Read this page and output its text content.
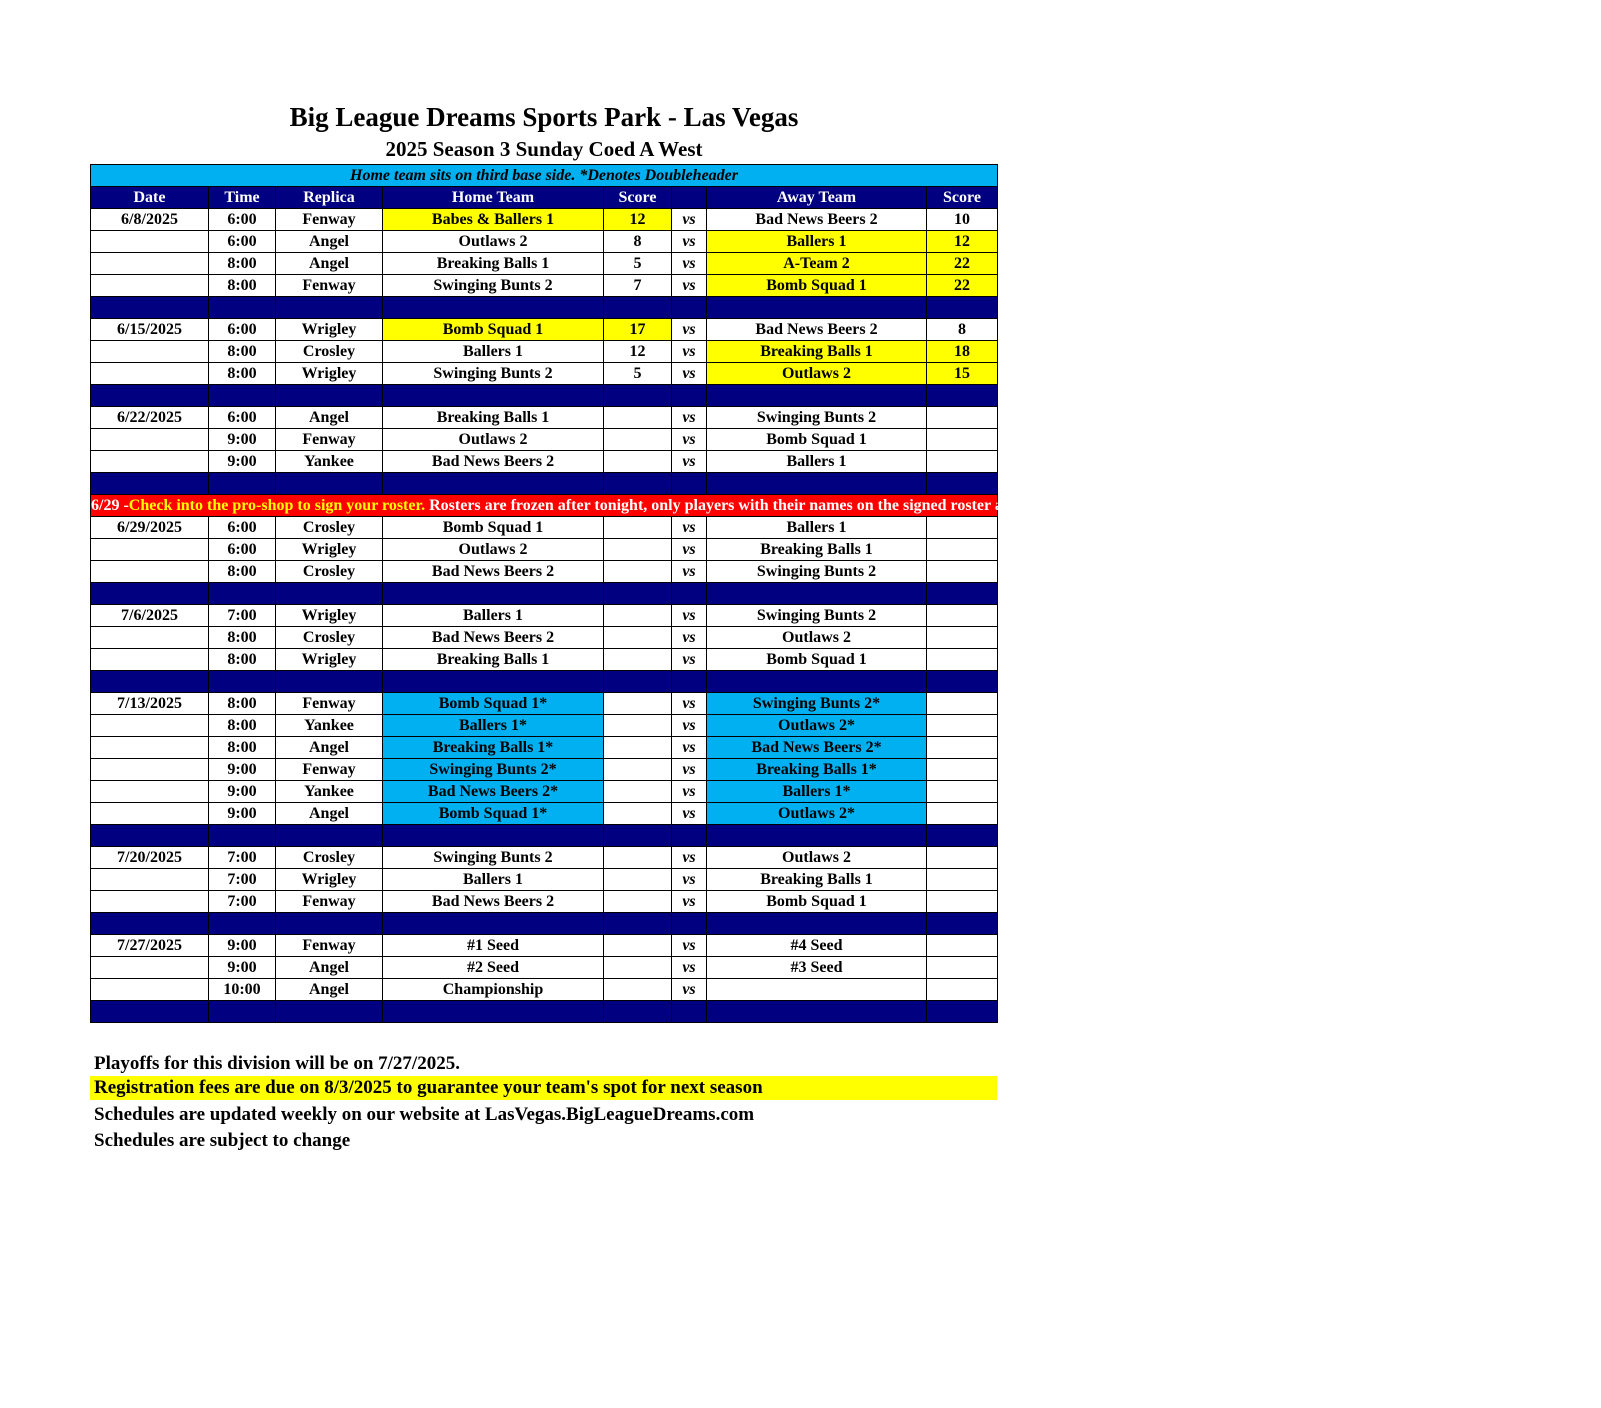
Big League Dreams Sports Park - Las Vegas
2025 Season 3 Sunday Coed A West
Home team sits on third base side. *Denotes Doubleheader							
Date	Time	Replica	Home Team	Score		Away Team	Score
6/8/2025	6:00	Fenway	Babes & Ballers 1	12	vs	Bad News Beers 2	10
	6:00	Angel	Outlaws 2	8	vs	Ballers 1	12
	8:00	Angel	Breaking Balls 1	5	vs	A-Team 2	22
	8:00	Fenway	Swinging Bunts 2	7	vs	Bomb Squad 1	22

6/15/2025	6:00	Wrigley	Bomb Squad 1	17	vs	Bad News Beers 2	8
	8:00	Crosley	Ballers 1	12	vs	Breaking Balls 1	18
	8:00	Wrigley	Swinging Bunts 2	5	vs	Outlaws 2	15

6/22/2025	6:00	Angel	Breaking Balls 1		vs	Swinging Bunts 2	
	9:00	Fenway	Outlaws 2		vs	Bomb Squad 1	
	9:00	Yankee	Bad News Beers 2		vs	Ballers 1	

6/29 -Check into the pro-shop to sign your roster. Rosters are frozen after tonight, only players with their names on the signed roster are eligible for playoffs. Please check carefully as changes will not be made for omissions.							
6/29/2025	6:00	Crosley	Bomb Squad 1		vs	Ballers 1	
	6:00	Wrigley	Outlaws 2		vs	Breaking Balls 1	
	8:00	Crosley	Bad News Beers 2		vs	Swinging Bunts 2	

7/6/2025	7:00	Wrigley	Ballers 1		vs	Swinging Bunts 2	
	8:00	Crosley	Bad News Beers 2		vs	Outlaws 2	
	8:00	Wrigley	Breaking Balls 1		vs	Bomb Squad 1	

7/13/2025	8:00	Fenway	Bomb Squad 1*		vs	Swinging Bunts 2*	
	8:00	Yankee	Ballers 1*		vs	Outlaws 2*	
	8:00	Angel	Breaking Balls 1*		vs	Bad News Beers 2*	
	9:00	Fenway	Swinging Bunts 2*		vs	Breaking Balls 1*	
	9:00	Yankee	Bad News Beers 2*		vs	Ballers 1*	
	9:00	Angel	Bomb Squad 1*		vs	Outlaws 2*	

7/20/2025	7:00	Crosley	Swinging Bunts 2		vs	Outlaws 2	
	7:00	Wrigley	Ballers 1		vs	Breaking Balls 1	
	7:00	Fenway	Bad News Beers 2		vs	Bomb Squad 1	

7/27/2025	9:00	Fenway	#1 Seed		vs	#4 Seed	
	9:00	Angel	#2 Seed		vs	#3 Seed	
	10:00	Angel	Championship		vs		

Playoffs for this division will be on 7/27/2025.
Registration fees are due on 8/3/2025 to guarantee your team's spot for next season
Schedules are updated weekly on our website at LasVegas.BigLeagueDreams.com
Schedules are subject to change
